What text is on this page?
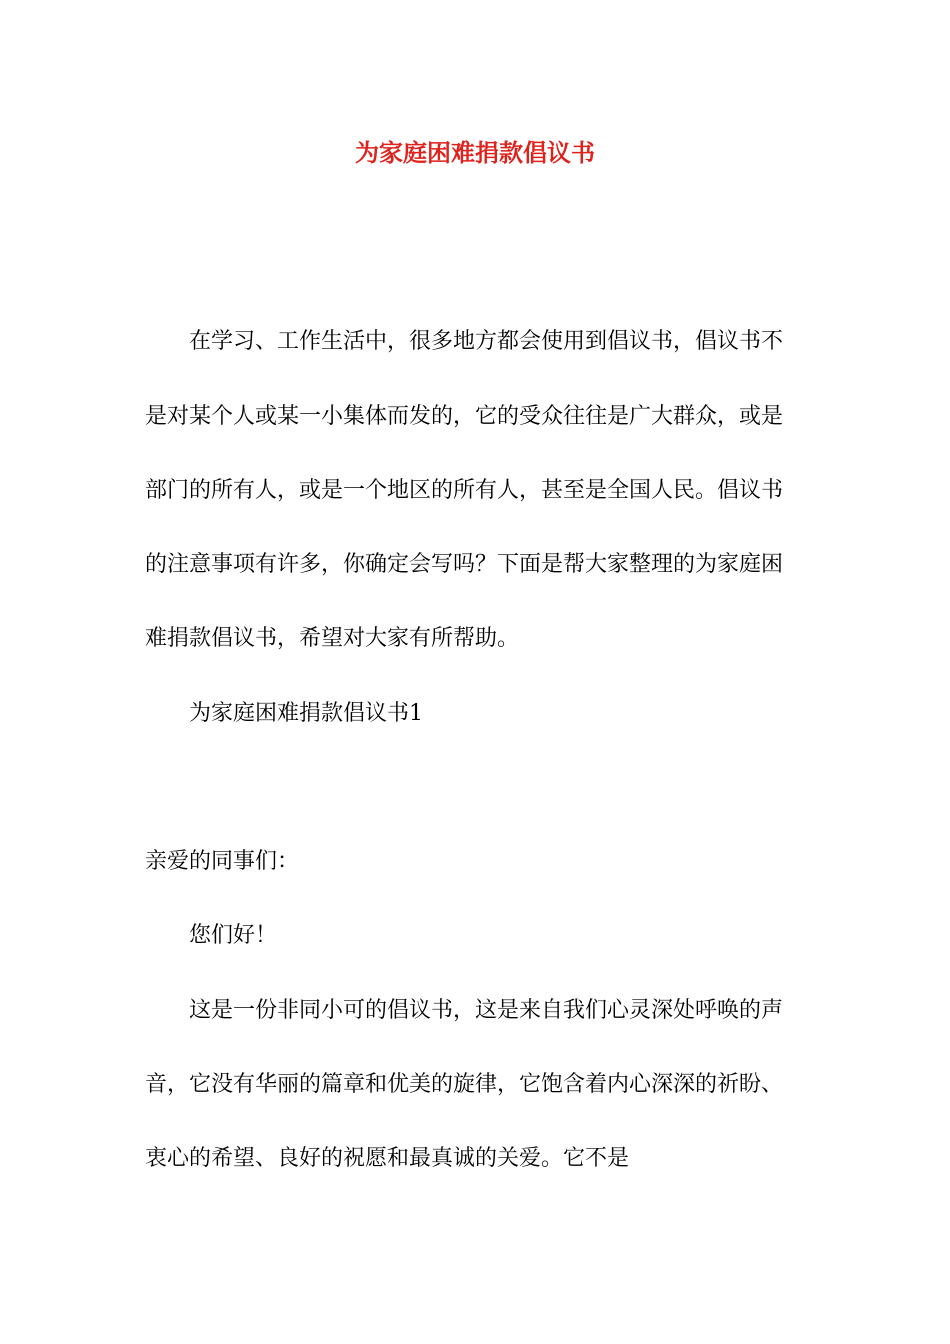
为家庭困难捐款倡议书

在学习、工作生活中，很多地方都会使用到倡议书，倡议书不

是对某个人或某一小集体而发的，它的受众往往是广大群众，或是

部门的所有人，或是一个地区的所有人，甚至是全国人民。倡议书

的注意事项有许多，你确定会写吗？下面是帮大家整理的为家庭困

难捐款倡议书，希望对大家有所帮助。

为家庭困难捐款倡议书1

亲爱的同事们：

您们好！

这是一份非同小可的倡议书，这是来自我们心灵深处呼唤的声

音，它没有华丽的篇章和优美的旋律，它饱含着内心深深的祈盼、

衷心的希望、良好的祝愿和最真诚的关爱。它不是
